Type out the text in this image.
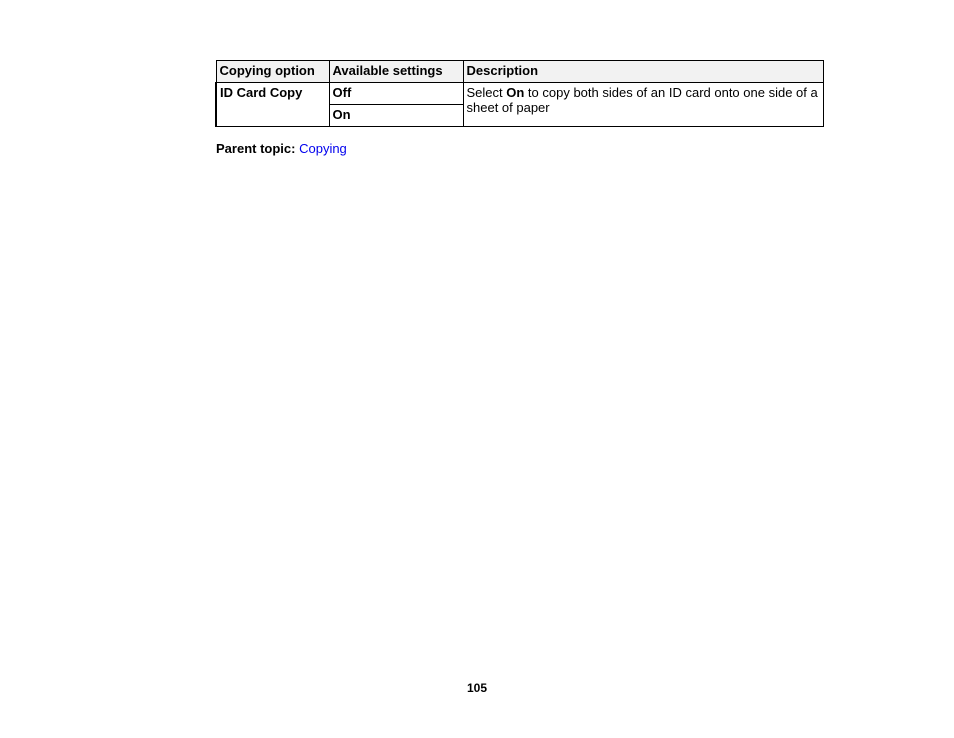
Copying option	Available settings	Description
ID Card Copy	Off	Select On to copy both sides of an ID card onto one side of a sheet of paper
	On	
Parent topic: Copying
105
